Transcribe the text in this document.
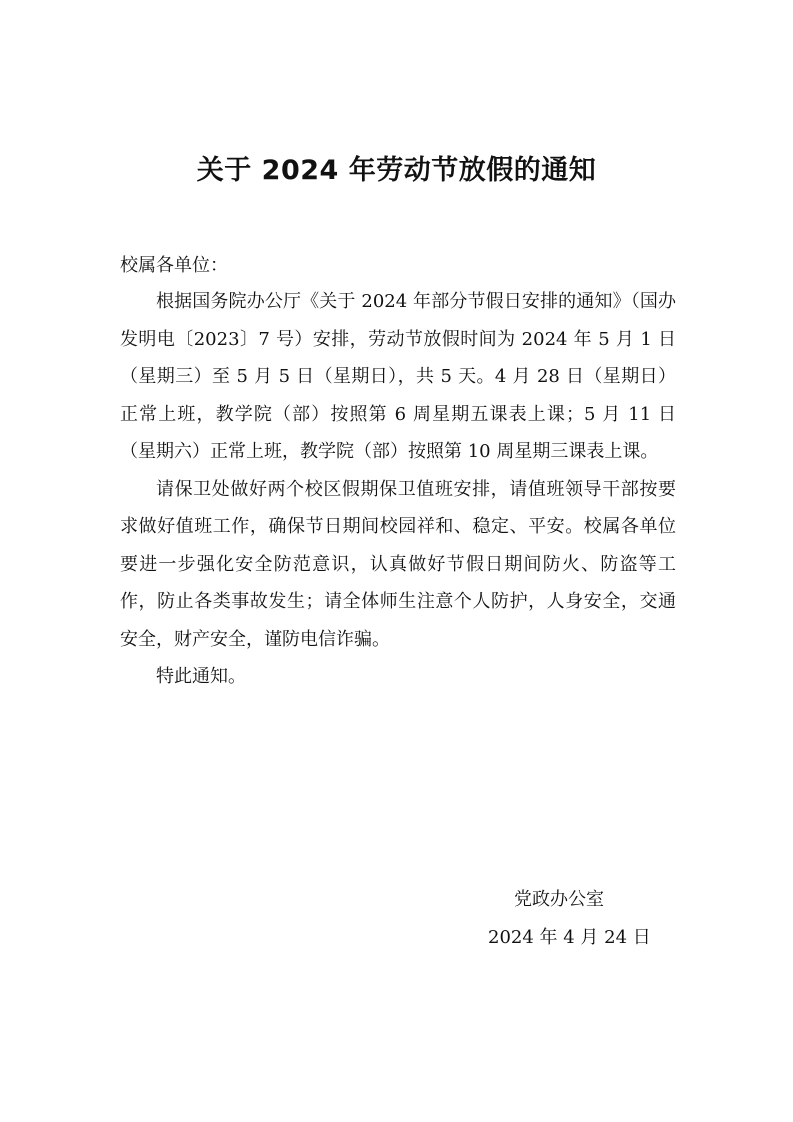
关于 2024 年劳动节放假的通知
校属各单位：

根据国务院办公厅《关于 2024 年部分节假日安排的通知》（国办发明电〔2023〕7 号）安排，劳动节放假时间为 2024 年 5 月 1 日（星期三）至 5 月 5 日（星期日），共 5 天。4 月 28 日（星期日）正常上班，教学院（部）按照第 6 周星期五课表上课；5 月 11 日（星期六）正常上班，教学院（部）按照第 10 周星期三课表上课。

请保卫处做好两个校区假期保卫值班安排，请值班领导干部按要求做好值班工作，确保节日期间校园祥和、稳定、平安。校属各单位要进一步强化安全防范意识，认真做好节假日期间防火、防盗等工作，防止各类事故发生；请全体师生注意个人防护，人身安全，交通安全，财产安全，谨防电信诈骗。

特此通知。

党政办公室
2024 年 4 月 24 日
